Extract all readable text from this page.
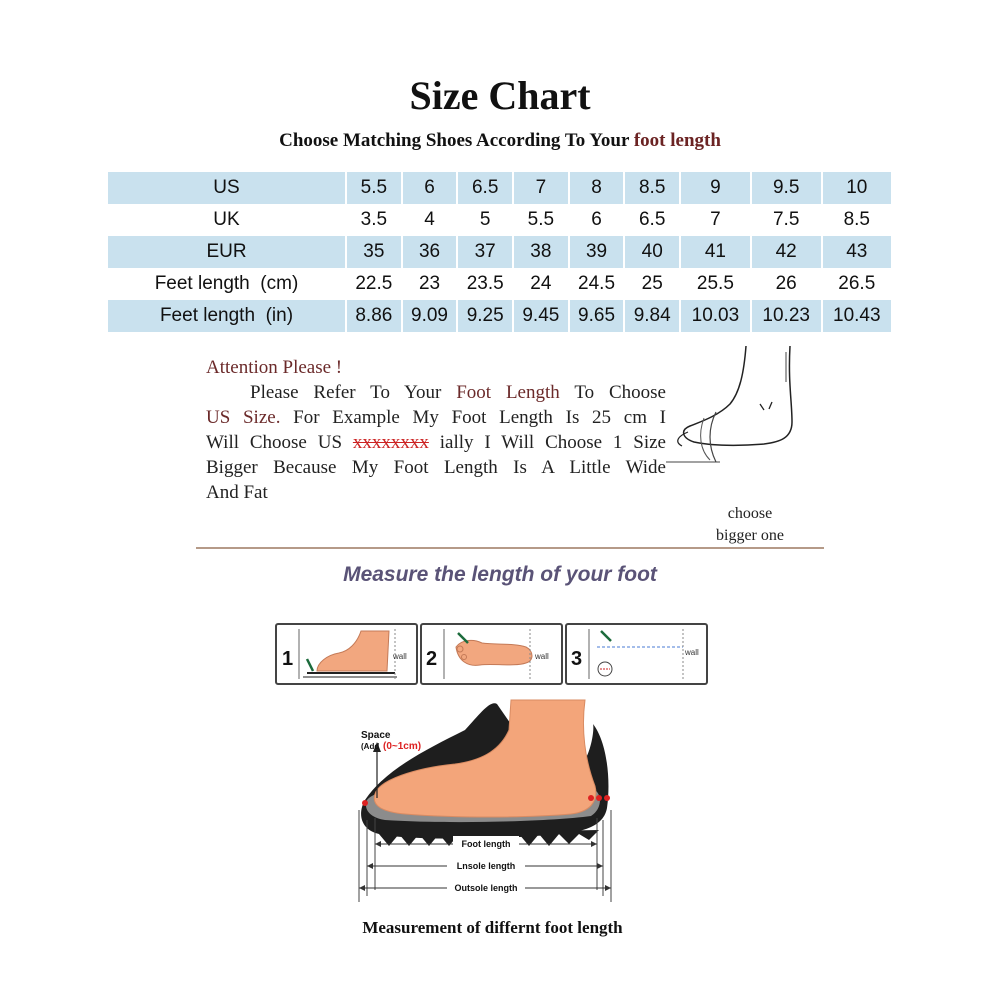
Size Chart
Choose Matching Shoes According To Your foot length
US	5.5	6	6.5	7	8	8.5	9	9.5	10
UK	3.5	4	5	5.5	6	6.5	7	7.5	8.5
EUR	35	36	37	38	39	40	41	42	43
Feet length  (cm)	22.5	23	23.5	24	24.5	25	25.5	26	26.5
Feet length  (in)	8.86	9.09	9.25	9.45	9.65	9.84	10.03	10.23	10.43
Attention Please !
Please Refer To Your Foot Length To Choose
US Size. For Example My Foot Length Is 25 cm I
Will Choose US xxxxxxxx ially I Will Choose 1 Size
Bigger Because My Foot Length Is A Little Wide
And Fat
choose
bigger one
Measure the length of your foot
1	wall 2	wall 3	wall
Space
(Add (0~1cm)
Foot length
Lnsole length
Outsole length
Measurement of differnt foot length
